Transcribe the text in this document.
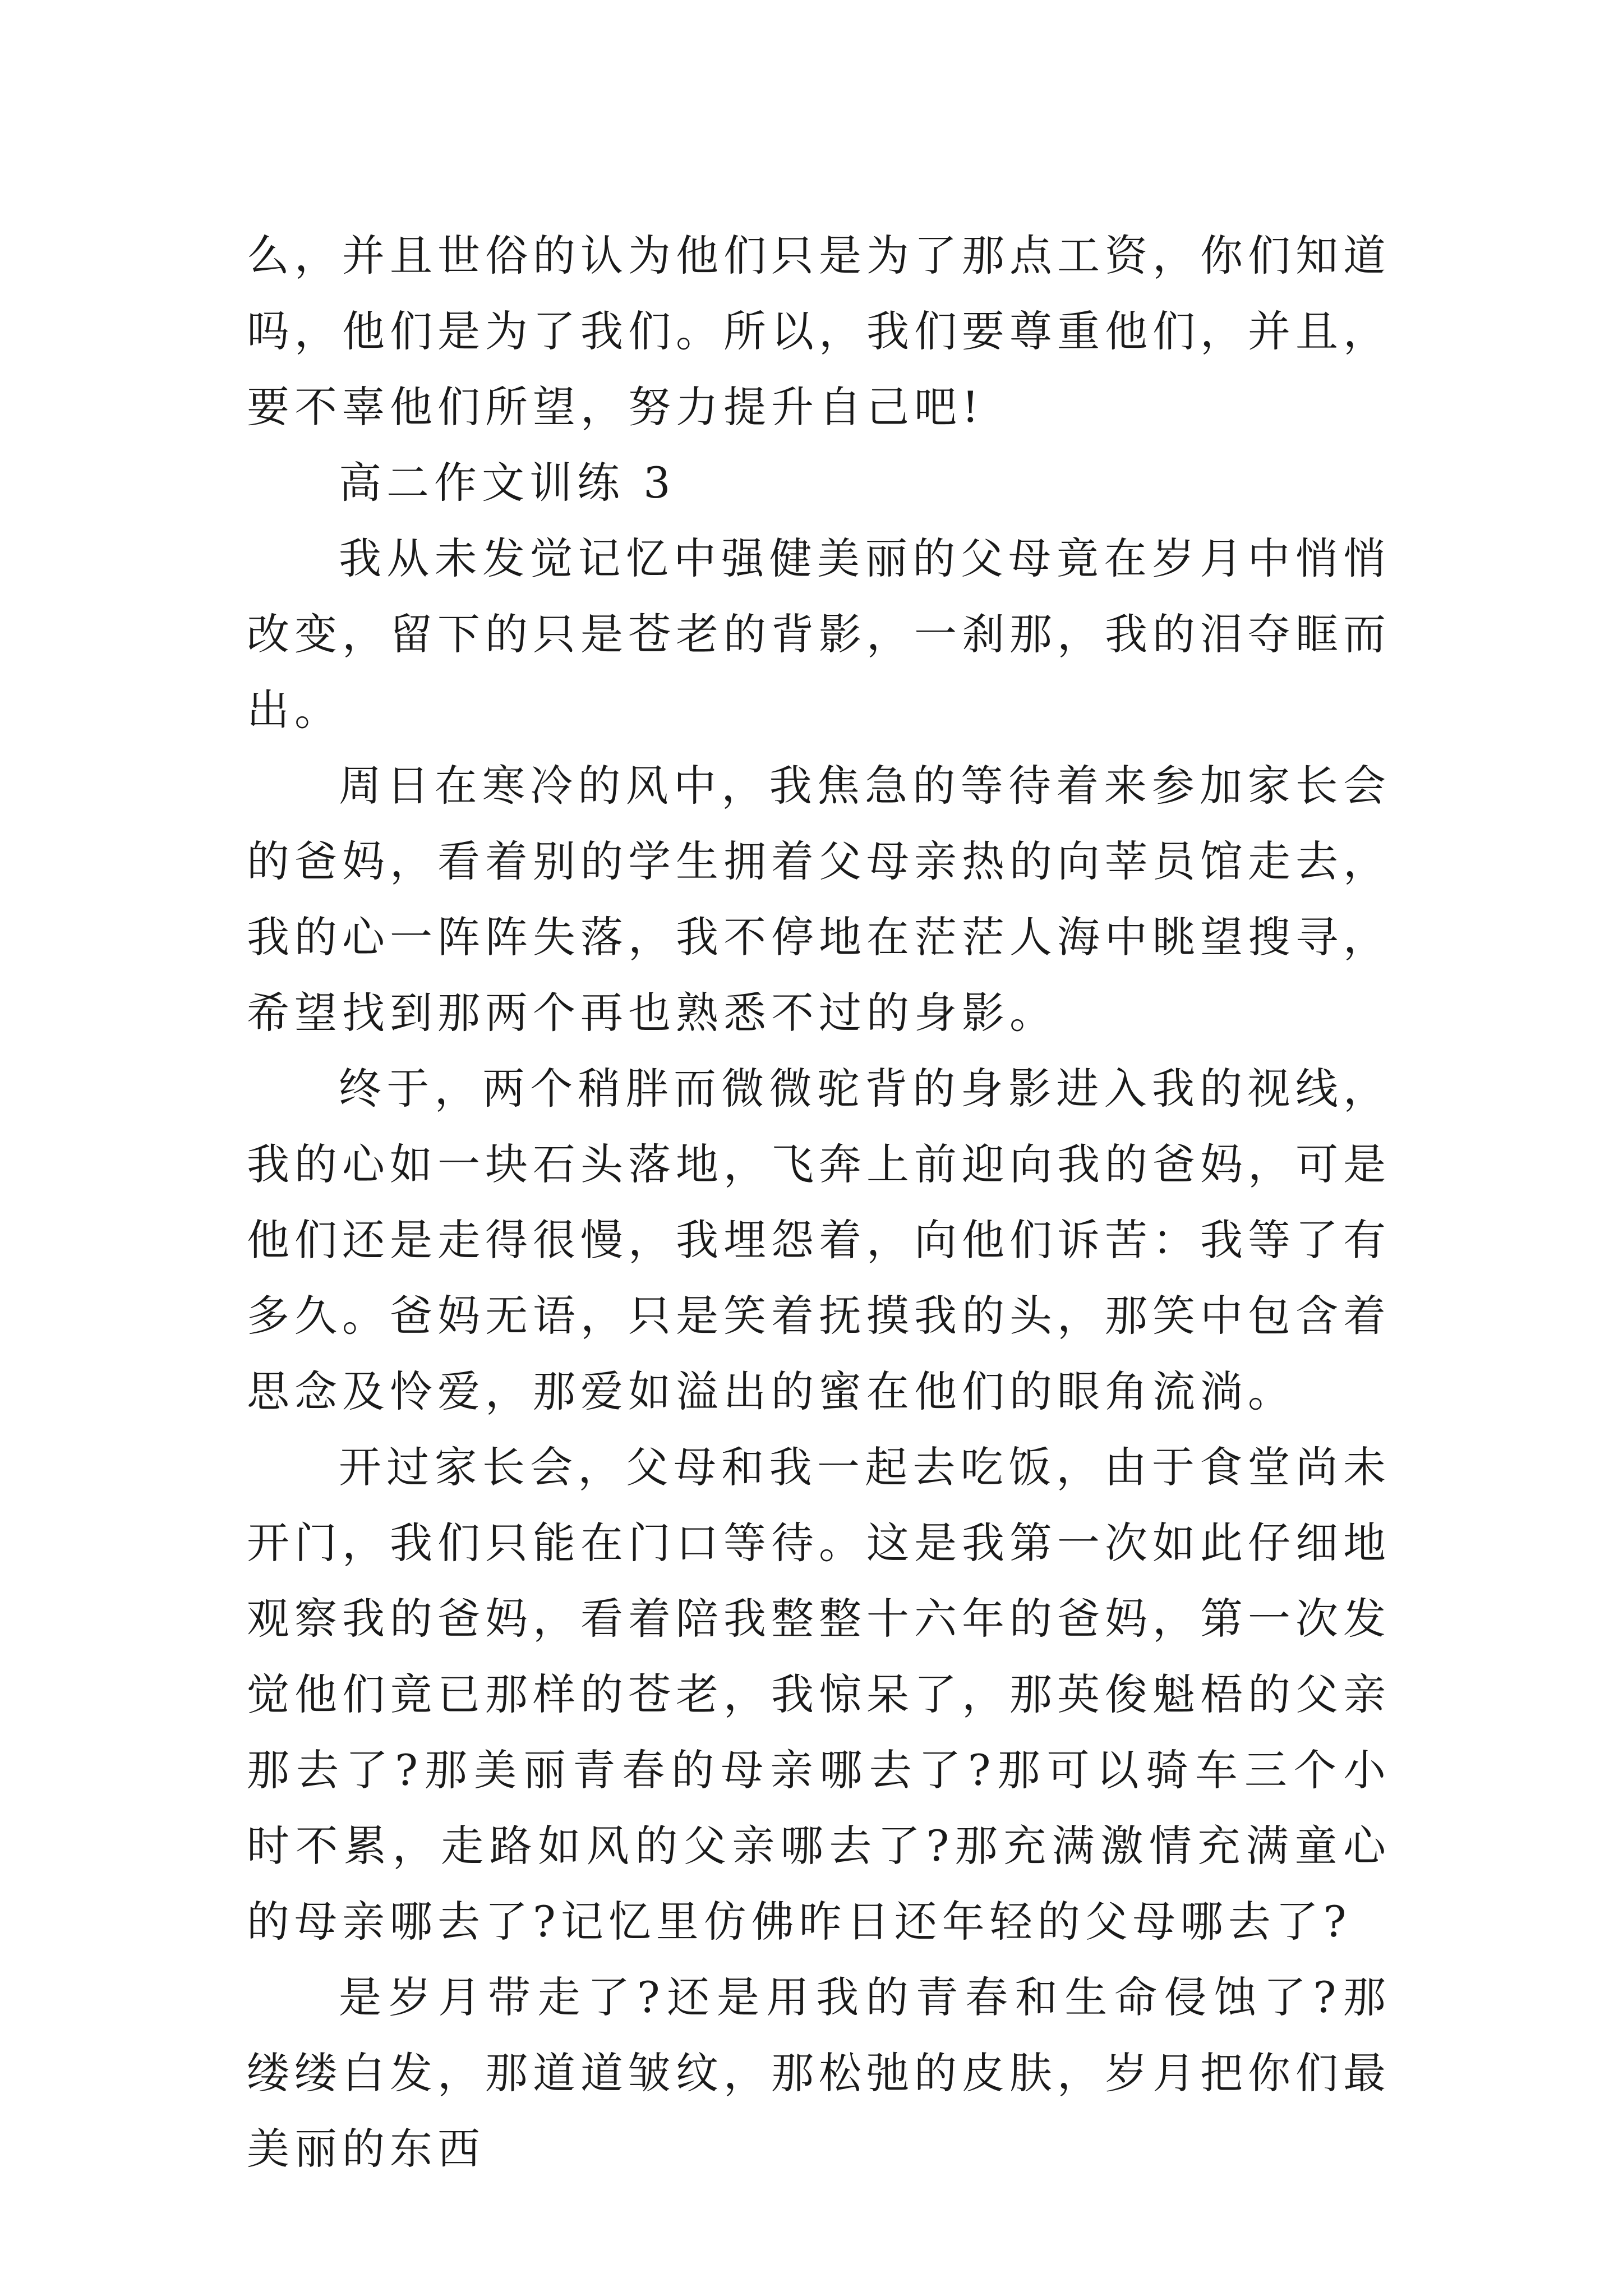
么，并且世俗的认为他们只是为了那点工资，你们知道吗，他们是为了我们。所以，我们要尊重他们，并且，要不辜他们所望，努力提升自己吧!

高二作文训练 3

我从未发觉记忆中强健美丽的父母竟在岁月中悄悄改变，留下的只是苍老的背影，一刹那，我的泪夺眶而出。

周日在寒冷的风中，我焦急的等待着来参加家长会的爸妈，看着别的学生拥着父母亲热的向莘员馆走去，我的心一阵阵失落，我不停地在茫茫人海中眺望搜寻，希望找到那两个再也熟悉不过的身影。

终于，两个稍胖而微微驼背的身影进入我的视线，我的心如一块石头落地，飞奔上前迎向我的爸妈，可是他们还是走得很慢，我埋怨着，向他们诉苦：我等了有多久。爸妈无语，只是笑着抚摸我的头，那笑中包含着思念及怜爱，那爱如溢出的蜜在他们的眼角流淌。

开过家长会，父母和我一起去吃饭，由于食堂尚未开门，我们只能在门口等待。这是我第一次如此仔细地观察我的爸妈，看着陪我整整十六年的爸妈，第一次发觉他们竟已那样的苍老，我惊呆了，那英俊魁梧的父亲那去了?那美丽青春的母亲哪去了?那可以骑车三个小时不累，走路如风的父亲哪去了?那充满激情充满童心的母亲哪去了?记忆里仿佛昨日还年轻的父母哪去了?

是岁月带走了?还是用我的青春和生命侵蚀了?那缕缕白发，那道道皱纹，那松弛的皮肤，岁月把你们最美丽的东西
